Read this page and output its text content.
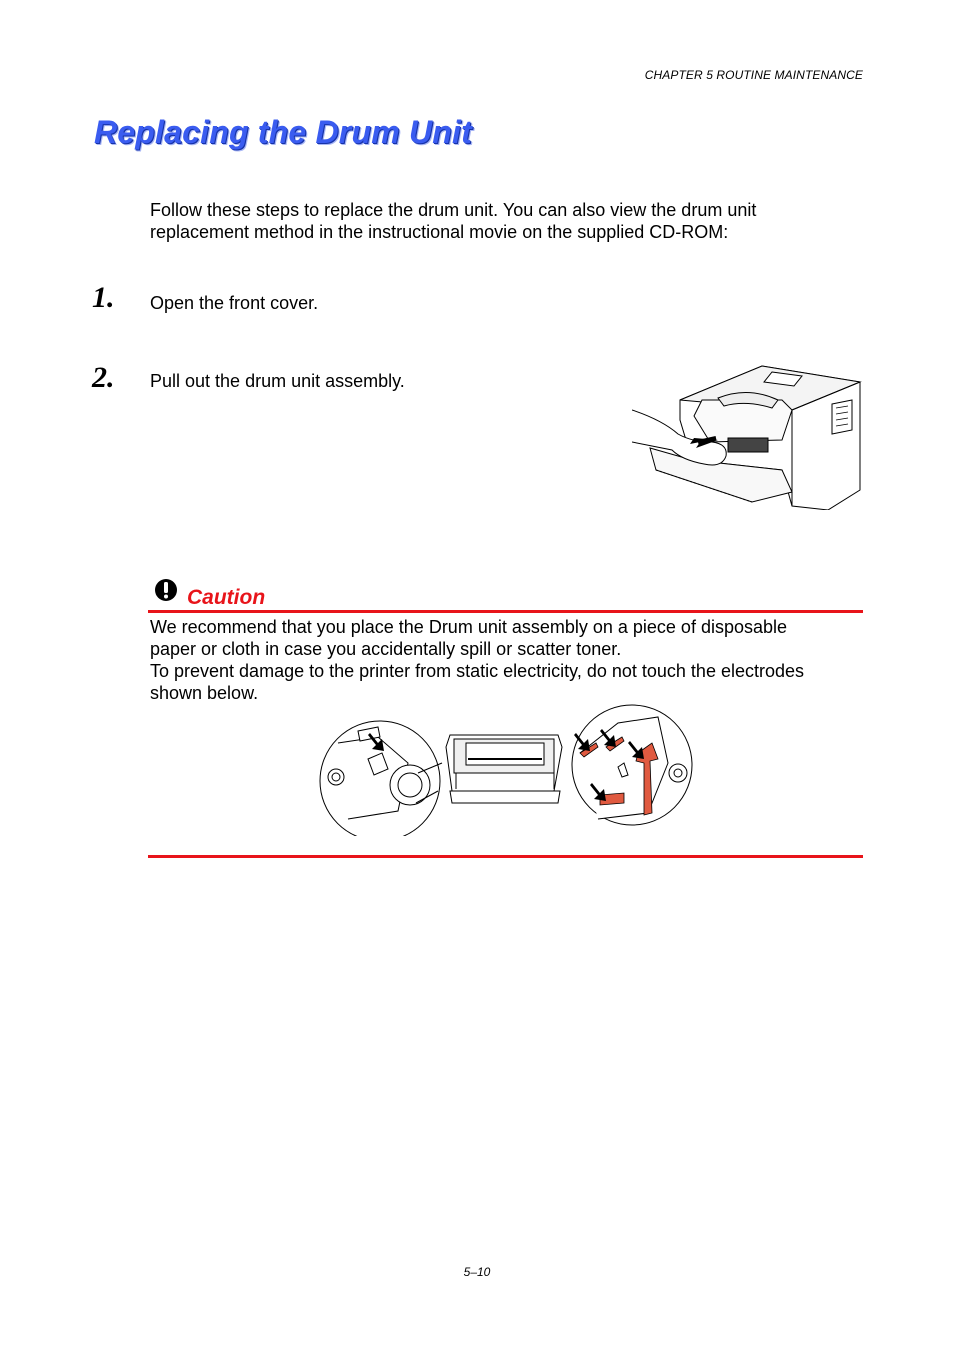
CHAPTER 5 ROUTINE MAINTENANCE
Replacing the Drum Unit
Follow these steps to replace the drum unit. You can also view the drum unit
replacement method in the instructional movie on the supplied CD-ROM:
1. Open the front cover.
2. Pull out the drum unit assembly.
Caution
We recommend that you place the Drum unit assembly on a piece of disposable
paper or cloth in case you accidentally spill or scatter toner.
To prevent damage to the printer from static electricity, do not touch the electrodes
shown below.
5–10
